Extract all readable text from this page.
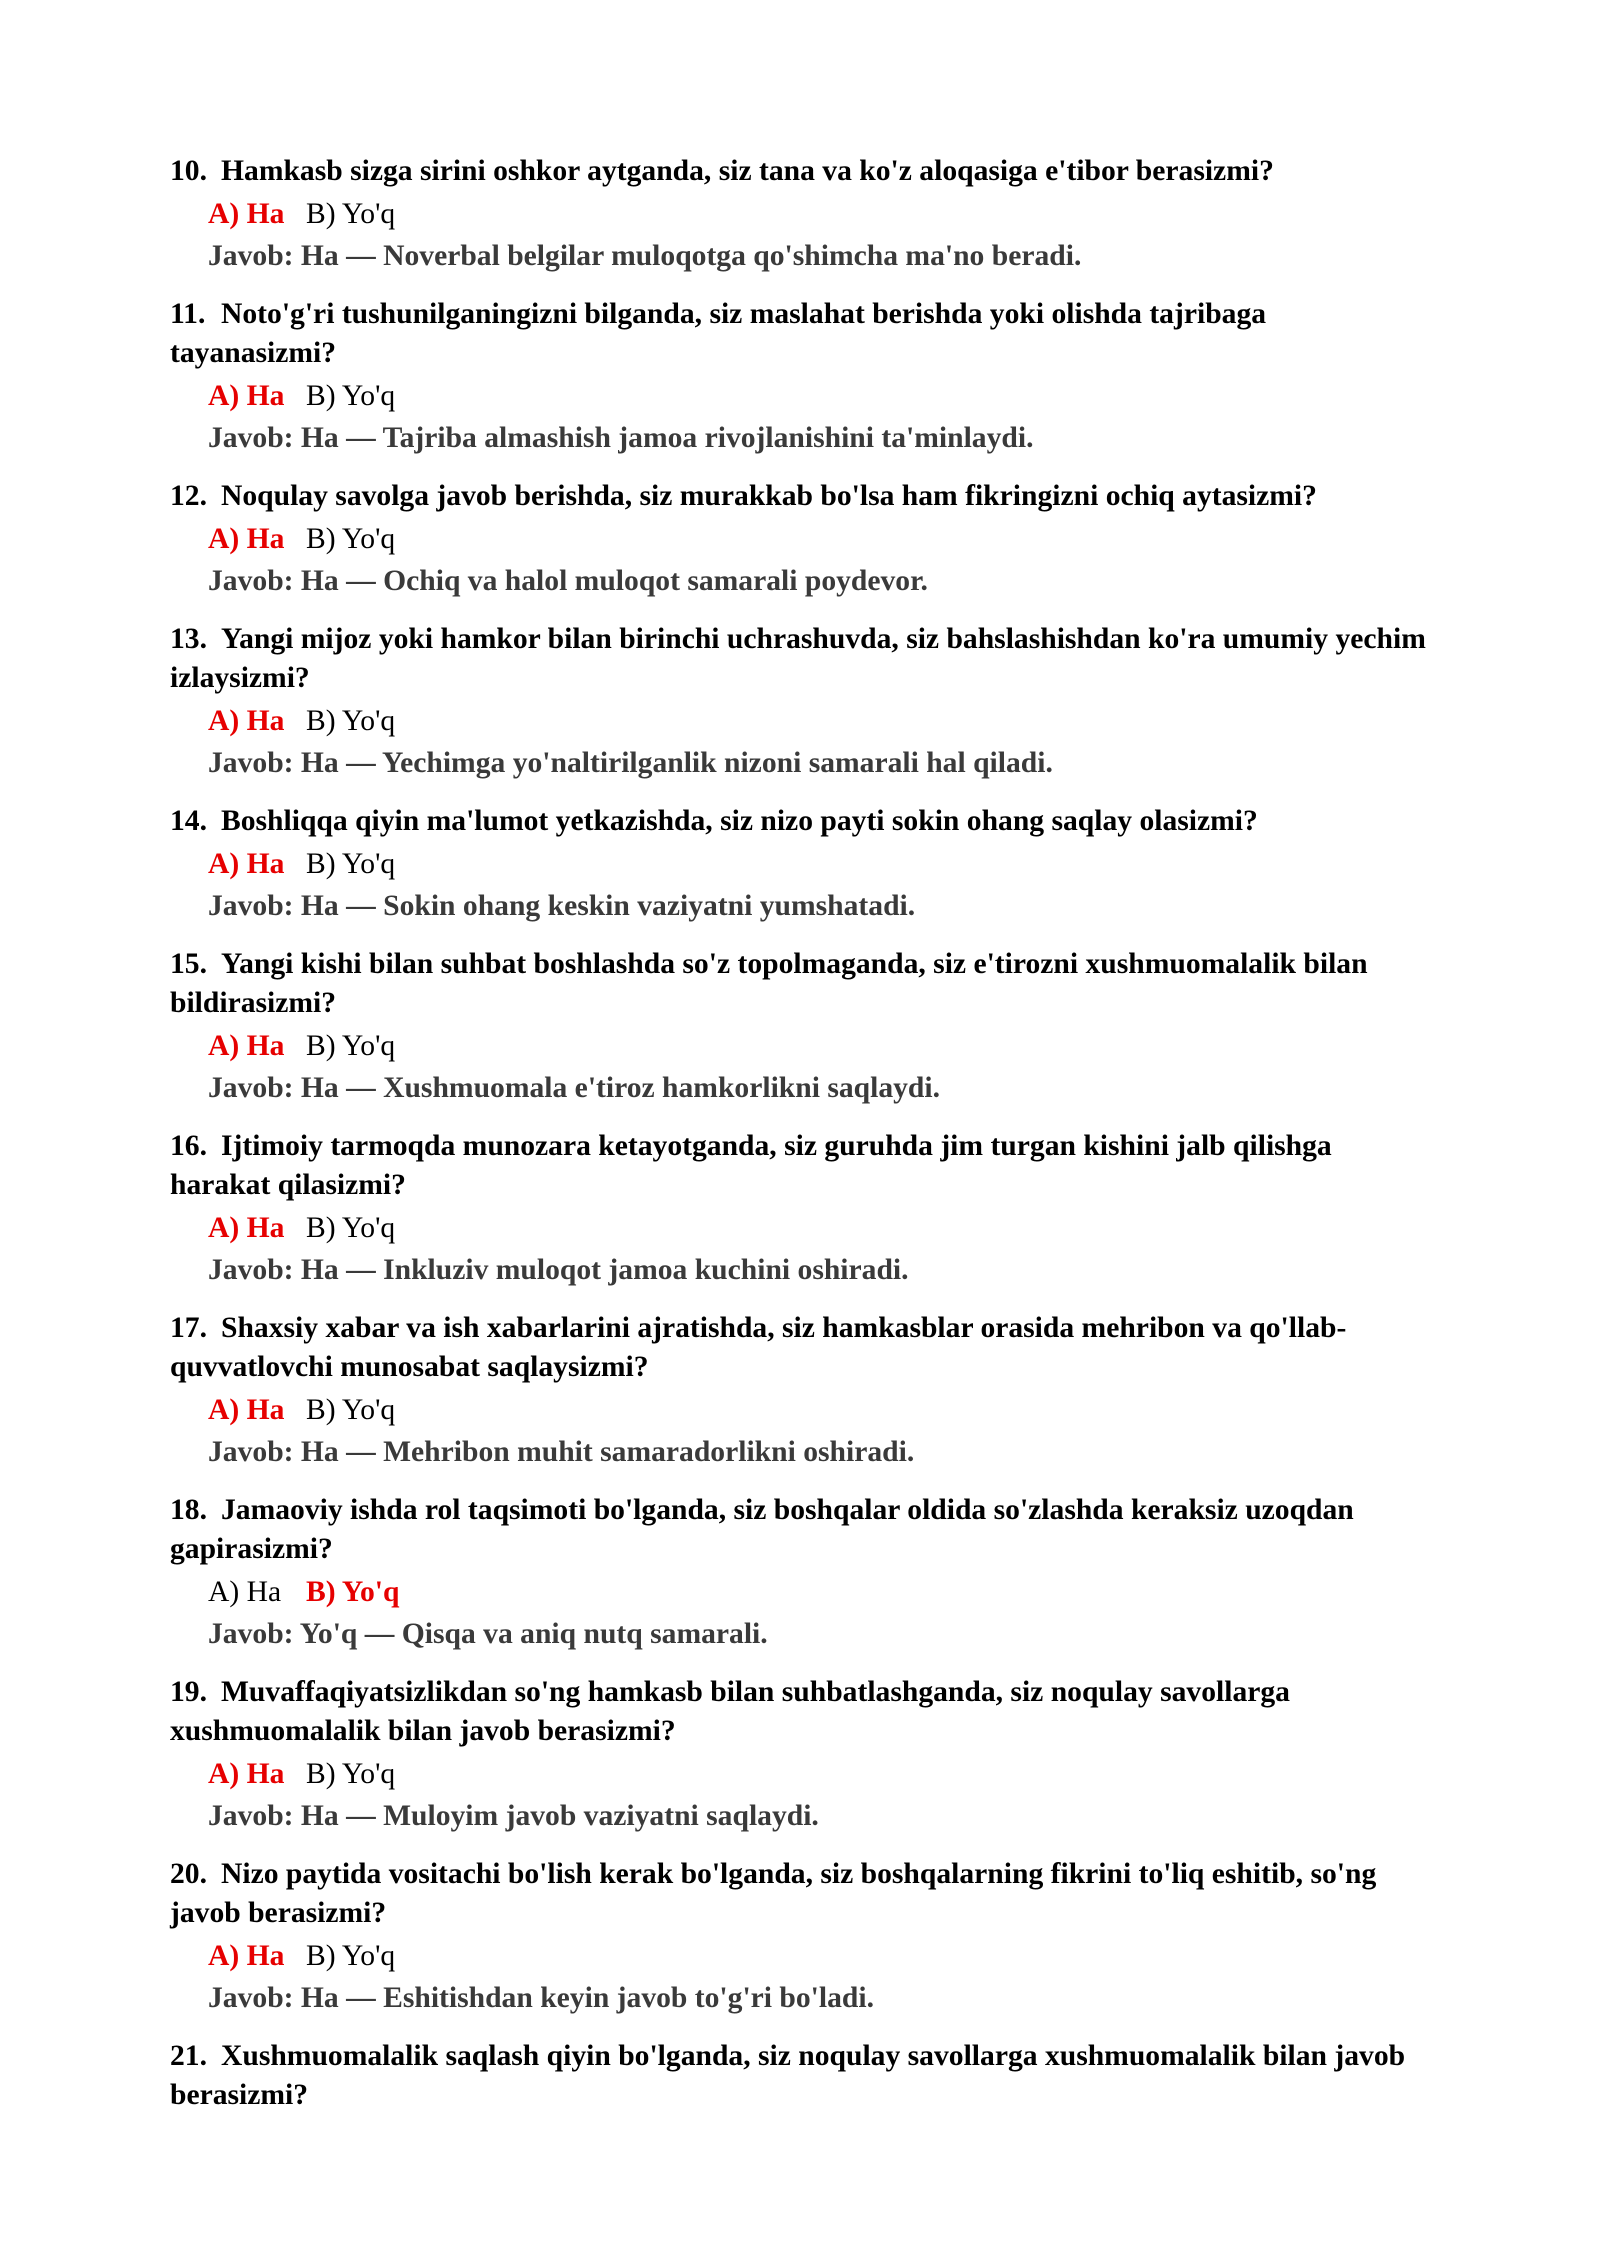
10. Hamkasb sizga sirini oshkor aytganda, siz tana va ko'z aloqasiga e'tibor berasizmi?
A) Ha B) Yo'q
Javob: Ha — Noverbal belgilar muloqotga qo'shimcha ma'no beradi.
11. Noto'g'ri tushunilganingizni bilganda, siz maslahat berishda yoki olishda tajribaga
tayanasizmi?
A) Ha B) Yo'q
Javob: Ha — Tajriba almashish jamoa rivojlanishini ta'minlaydi.
12. Noqulay savolga javob berishda, siz murakkab bo'lsa ham fikringizni ochiq aytasizmi?
A) Ha B) Yo'q
Javob: Ha — Ochiq va halol muloqot samarali poydevor.
13. Yangi mijoz yoki hamkor bilan birinchi uchrashuvda, siz bahslashishdan ko'ra umumiy yechim
izlaysizmi?
A) Ha B) Yo'q
Javob: Ha — Yechimga yo'naltirilganlik nizoni samarali hal qiladi.
14. Boshliqqa qiyin ma'lumot yetkazishda, siz nizo payti sokin ohang saqlay olasizmi?
A) Ha B) Yo'q
Javob: Ha — Sokin ohang keskin vaziyatni yumshatadi.
15. Yangi kishi bilan suhbat boshlashda so'z topolmaganda, siz e'tirozni xushmuomalalik bilan
bildirasizmi?
A) Ha B) Yo'q
Javob: Ha — Xushmuomala e'tiroz hamkorlikni saqlaydi.
16. Ijtimoiy tarmoqda munozara ketayotganda, siz guruhda jim turgan kishini jalb qilishga
harakat qilasizmi?
A) Ha B) Yo'q
Javob: Ha — Inkluziv muloqot jamoa kuchini oshiradi.
17. Shaxsiy xabar va ish xabarlarini ajratishda, siz hamkasblar orasida mehribon va qo'llab-
quvvatlovchi munosabat saqlaysizmi?
A) Ha B) Yo'q
Javob: Ha — Mehribon muhit samaradorlikni oshiradi.
18. Jamaoviy ishda rol taqsimoti bo'lganda, siz boshqalar oldida so'zlashda keraksiz uzoqdan
gapirasizmi?
A) Ha B) Yo'q
Javob: Yo'q — Qisqa va aniq nutq samarali.
19. Muvaffaqiyatsizlikdan so'ng hamkasb bilan suhbatlashganda, siz noqulay savollarga
xushmuomalalik bilan javob berasizmi?
A) Ha B) Yo'q
Javob: Ha — Muloyim javob vaziyatni saqlaydi.
20. Nizo paytida vositachi bo'lish kerak bo'lganda, siz boshqalarning fikrini to'liq eshitib, so'ng
javob berasizmi?
A) Ha B) Yo'q
Javob: Ha — Eshitishdan keyin javob to'g'ri bo'ladi.
21. Xushmuomalalik saqlash qiyin bo'lganda, siz noqulay savollarga xushmuomalalik bilan javob
berasizmi?
